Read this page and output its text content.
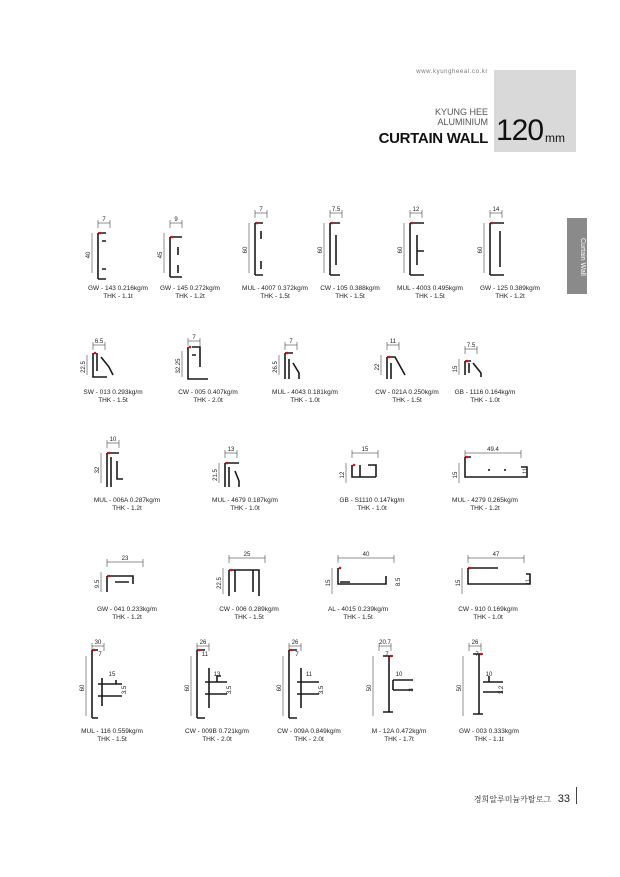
www.kyungheeal.co.kr
KYUNG HEE
ALUMINIUM
CURTAIN WALL 120 mm
Curtain Wall
7
40
GW - 143 0.216kg/m
THK - 1.1t
9
45
GW - 145 0.272kg/m
THK - 1.2t
7
60
MUL - 4007 0.372kg/m
THK - 1.5t
7.5
60
CW - 105 0.388kg/m
THK - 1.5t
12
60
MUL - 4003 0.495kg/m
THK - 1.5t
14
60
GW - 125 0.389kg/m
THK - 1.2t
6.5
22.5
SW - 013 0.293kg/m
THK - 1.5t
7
32.25
CW - 005 0.407kg/m
THK - 2.0t
7
26.5
MUL - 4043 0.181kg/m
THK - 1.0t
11
22
CW - 021A 0.250kg/m
THK - 1.5t
7.5
15
GB - 1116 0.164kg/m
THK - 1.0t
10
32
MUL - 006A 0.287kg/m
THK - 1.2t
13
21.5
MUL - 4679 0.187kg/m
THK - 1.0t
15
12
GB - S1110 0.147kg/m
THK - 1.0t
49.4
15
11
MUL - 4279 0.265kg/m
THK - 1.2t
23
9.5
GW - 041 0.233kg/m
THK - 1.2t
25
22.5
CW - 006 0.289kg/m
THK - 1.5t
40
15	8.5
AL - 4015 0.239kg/m
THK - 1.5t
47
15	11
CW - 910 0.169kg/m
THK - 1.0t
30
60	3.5
15
7
MUL - 116 0.559kg/m
THK - 1.5t
26
60	3.5
13
11
CW - 009B 0.721kg/m
THK - 2.0t
26
60	3.5
11
7
CW - 009A 0.849kg/m
THK - 2.0t
20.7
50	3
10
7
M - 12A 0.472kg/m
THK - 1.7t
26
50	3.2
10
7
GW - 003 0.333kg/m
THK - 1.1t
경희알루미늄카탈로그 33
